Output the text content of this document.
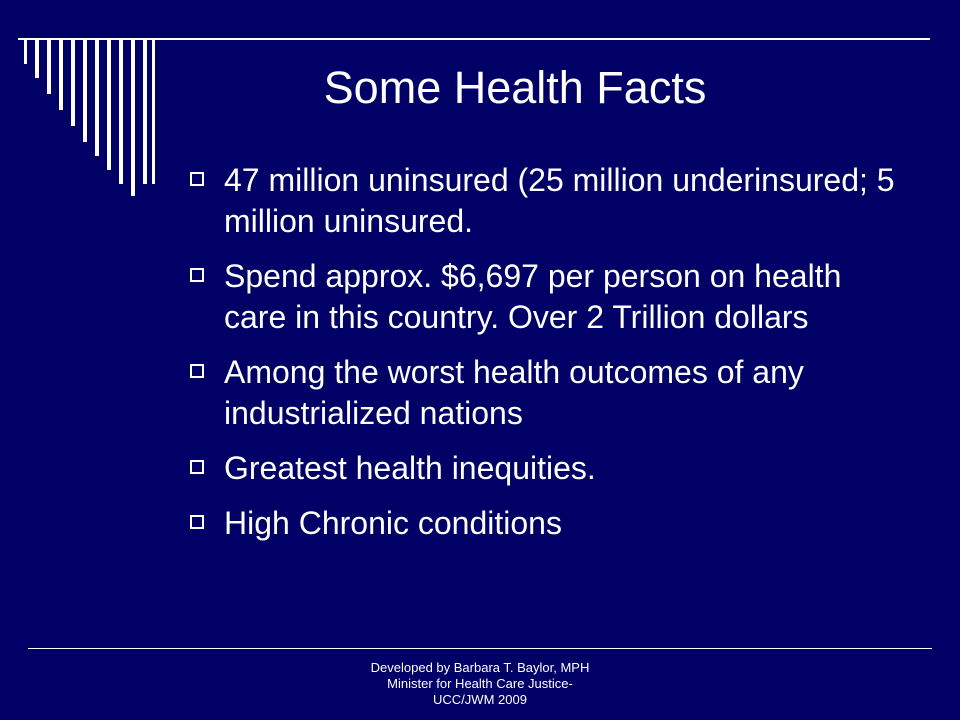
Some Health Facts
47 million uninsured (25 million underinsured; 5 million uninsured.
Spend approx. $6,697 per person on health care in this country. Over 2 Trillion dollars
Among the worst health outcomes of any industrialized nations
Greatest health inequities.
High Chronic conditions
Developed by Barbara T. Baylor, MPH
Minister for Health Care Justice-
UCC/JWM 2009
